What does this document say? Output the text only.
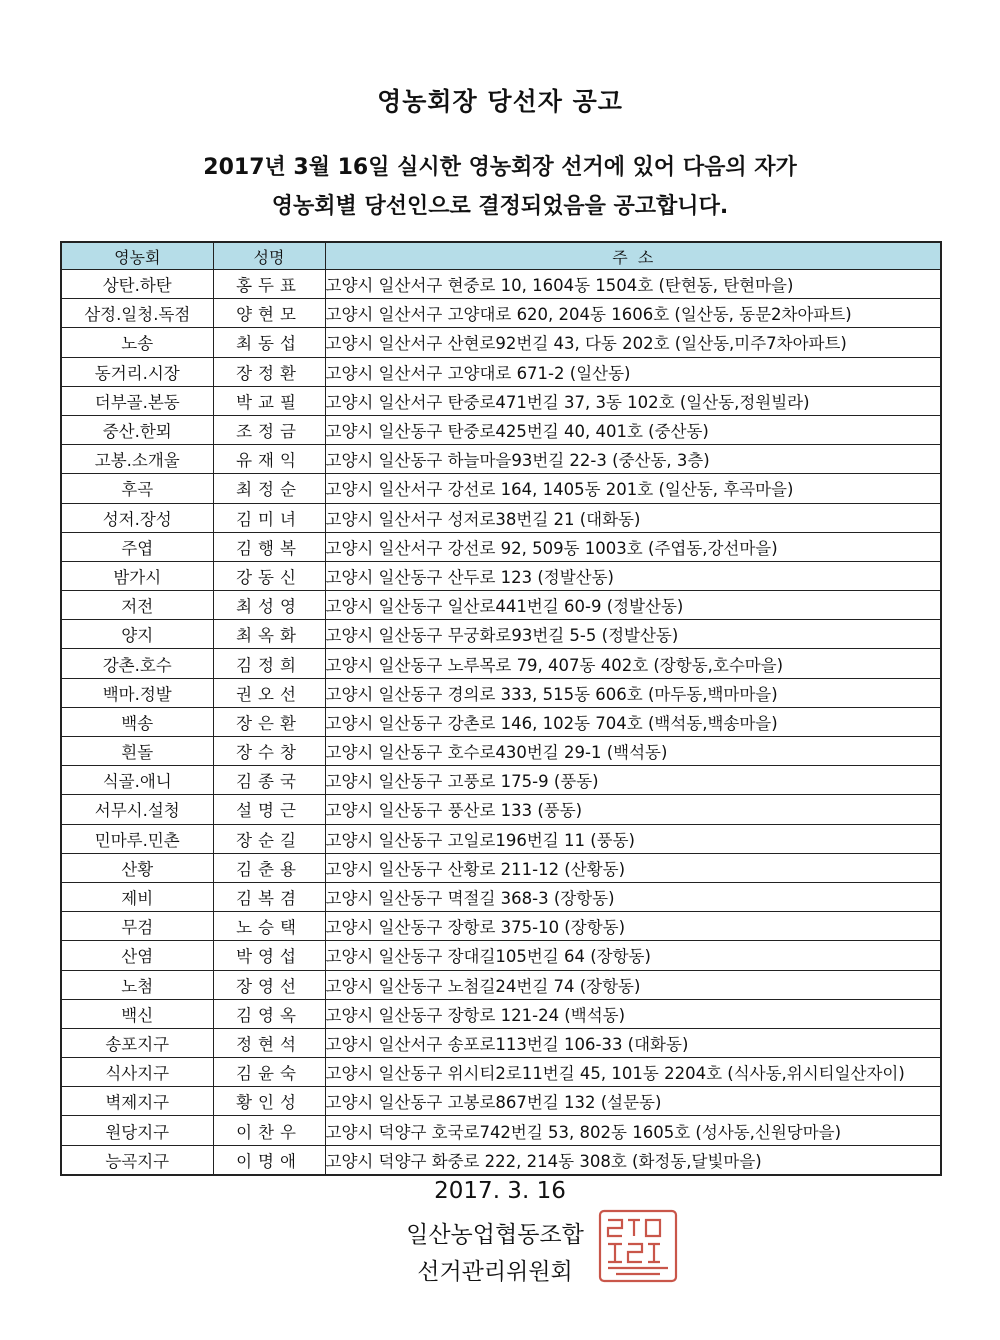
영농회장 당선자 공고
2017년 3월 16일 실시한 영농회장 선거에 있어 다음의 자가
영농회별 당선인으로 결정되었음을 공고합니다.
영농회	성명	주  소
상탄.하탄	홍두표	고양시 일산서구 현중로 10, 1604동 1504호 (탄현동, 탄현마을)
삼정.일청.독점	양현모	고양시 일산서구 고양대로 620, 204동 1606호 (일산동, 동문2차아파트)
노송	최동섭	고양시 일산서구 산현로92번길 43, 다동 202호 (일산동,미주7차아파트)
동거리.시장	장정환	고양시 일산서구 고양대로 671-2 (일산동)
더부골.본동	박교필	고양시 일산서구 탄중로471번길 37, 3동 102호 (일산동,정원빌라)
중산.한뫼	조정금	고양시 일산동구 탄중로425번길 40, 401호 (중산동)
고봉.소개울	유재익	고양시 일산동구 하늘마을93번길 22-3 (중산동, 3층)
후곡	최정순	고양시 일산서구 강선로 164, 1405동 201호 (일산동, 후곡마을)
성저.장성	김미녀	고양시 일산서구 성저로38번길 21 (대화동)
주엽	김행복	고양시 일산서구 강선로 92, 509동 1003호 (주엽동,강선마을)
밤가시	강동신	고양시 일산동구 산두로 123 (정발산동)
저전	최성영	고양시 일산동구 일산로441번길 60-9 (정발산동)
양지	최옥화	고양시 일산동구 무궁화로93번길 5-5 (정발산동)
강촌.호수	김정희	고양시 일산동구 노루목로 79, 407동 402호 (장항동,호수마을)
백마.정발	권오선	고양시 일산동구 경의로 333, 515동 606호 (마두동,백마마을)
백송	장은환	고양시 일산동구 강촌로 146, 102동 704호 (백석동,백송마을)
흰돌	장수창	고양시 일산동구 호수로430번길 29-1 (백석동)
식골.애니	김종국	고양시 일산동구 고풍로 175-9 (풍동)
서무시.설청	설명근	고양시 일산동구 풍산로 133 (풍동)
민마루.민촌	장순길	고양시 일산동구 고일로196번길 11 (풍동)
산황	김춘용	고양시 일산동구 산황로 211-12 (산황동)
제비	김복겸	고양시 일산동구 멱절길 368-3 (장항동)
무검	노승택	고양시 일산동구 장항로 375-10 (장항동)
산염	박영섭	고양시 일산동구 장대길105번길 64 (장항동)
노첨	장영선	고양시 일산동구 노첨길24번길 74 (장항동)
백신	김영옥	고양시 일산동구 장항로 121-24 (백석동)
송포지구	정현석	고양시 일산서구 송포로113번길 106-33 (대화동)
식사지구	김윤숙	고양시 일산동구 위시티2로11번길 45, 101동 2204호 (식사동,위시티일산자이)
벽제지구	황인성	고양시 일산동구 고봉로867번길 132 (설문동)
원당지구	이찬우	고양시 덕양구 호국로742번길 53, 802동 1605호 (성사동,신원당마을)
능곡지구	이명애	고양시 덕양구 화중로 222, 214동 308호 (화정동,달빛마을)
2017. 3. 16
일산농업협동조합
선거관리위원회
